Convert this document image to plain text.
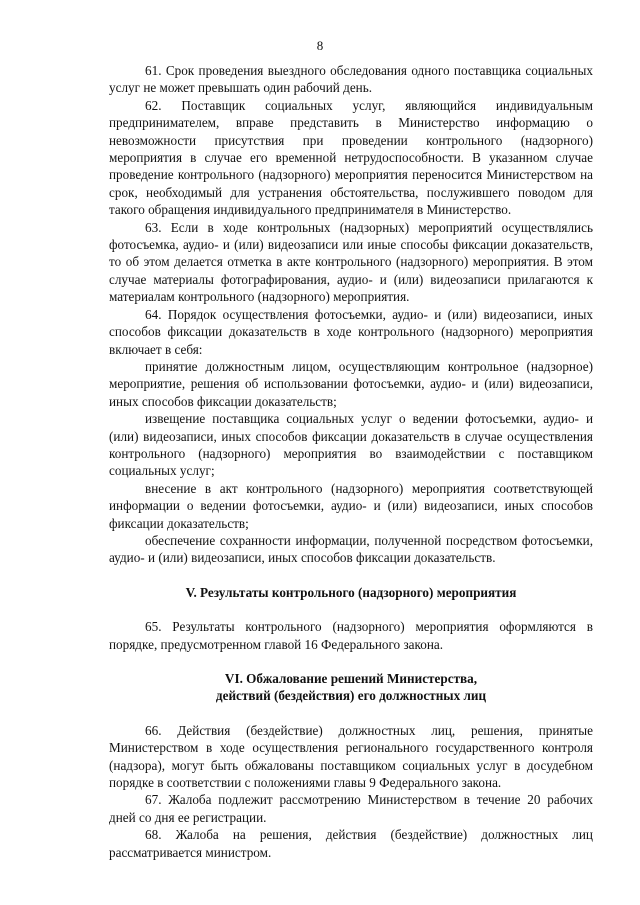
8

61. Срок проведения выездного обследования одного поставщика социальных услуг не может превышать один рабочий день.

62. Поставщик социальных услуг, являющийся индивидуальным предпринимателем, вправе представить в Министерство информацию о невозможности присутствия при проведении контрольного (надзорного) мероприятия в случае его временной нетрудоспособности. В указанном случае проведение контрольного (надзорного) мероприятия переносится Министерством на срок, необходимый для устранения обстоятельства, послужившего поводом для такого обращения индивидуального предпринимателя в Министерство.

63. Если в ходе контрольных (надзорных) мероприятий осуществлялись фотосъемка, аудио- и (или) видеозаписи или иные способы фиксации доказательств, то об этом делается отметка в акте контрольного (надзорного) мероприятия. В этом случае материалы фотографирования, аудио- и (или) видеозаписи прилагаются к материалам контрольного (надзорного) мероприятия.

64. Порядок осуществления фотосъемки, аудио- и (или) видеозаписи, иных способов фиксации доказательств в ходе контрольного (надзорного) мероприятия включает в себя:

принятие должностным лицом, осуществляющим контрольное (надзорное) мероприятие, решения об использовании фотосъемки, аудио- и (или) видеозаписи, иных способов фиксации доказательств;

извещение поставщика социальных услуг о ведении фотосъемки, аудио- и (или) видеозаписи, иных способов фиксации доказательств в случае осуществления контрольного (надзорного) мероприятия во взаимодействии с поставщиком социальных услуг;

внесение в акт контрольного (надзорного) мероприятия соответствующей информации о ведении фотосъемки, аудио- и (или) видеозаписи, иных способов фиксации доказательств;

обеспечение сохранности информации, полученной посредством фотосъемки, аудио- и (или) видеозаписи, иных способов фиксации доказательств.

V. Результаты контрольного (надзорного) мероприятия

65. Результаты контрольного (надзорного) мероприятия оформляются в порядке, предусмотренном главой 16 Федерального закона.

VI. Обжалование решений Министерства,
действий (бездействия) его должностных лиц

66. Действия (бездействие) должностных лиц, решения, принятые Министерством в ходе осуществления регионального государственного контроля (надзора), могут быть обжалованы поставщиком социальных услуг в досудебном порядке в соответствии с положениями главы 9 Федерального закона.

67. Жалоба подлежит рассмотрению Министерством в течение 20 рабочих дней со дня ее регистрации.

68. Жалоба на решения, действия (бездействие) должностных лиц рассматривается министром.
